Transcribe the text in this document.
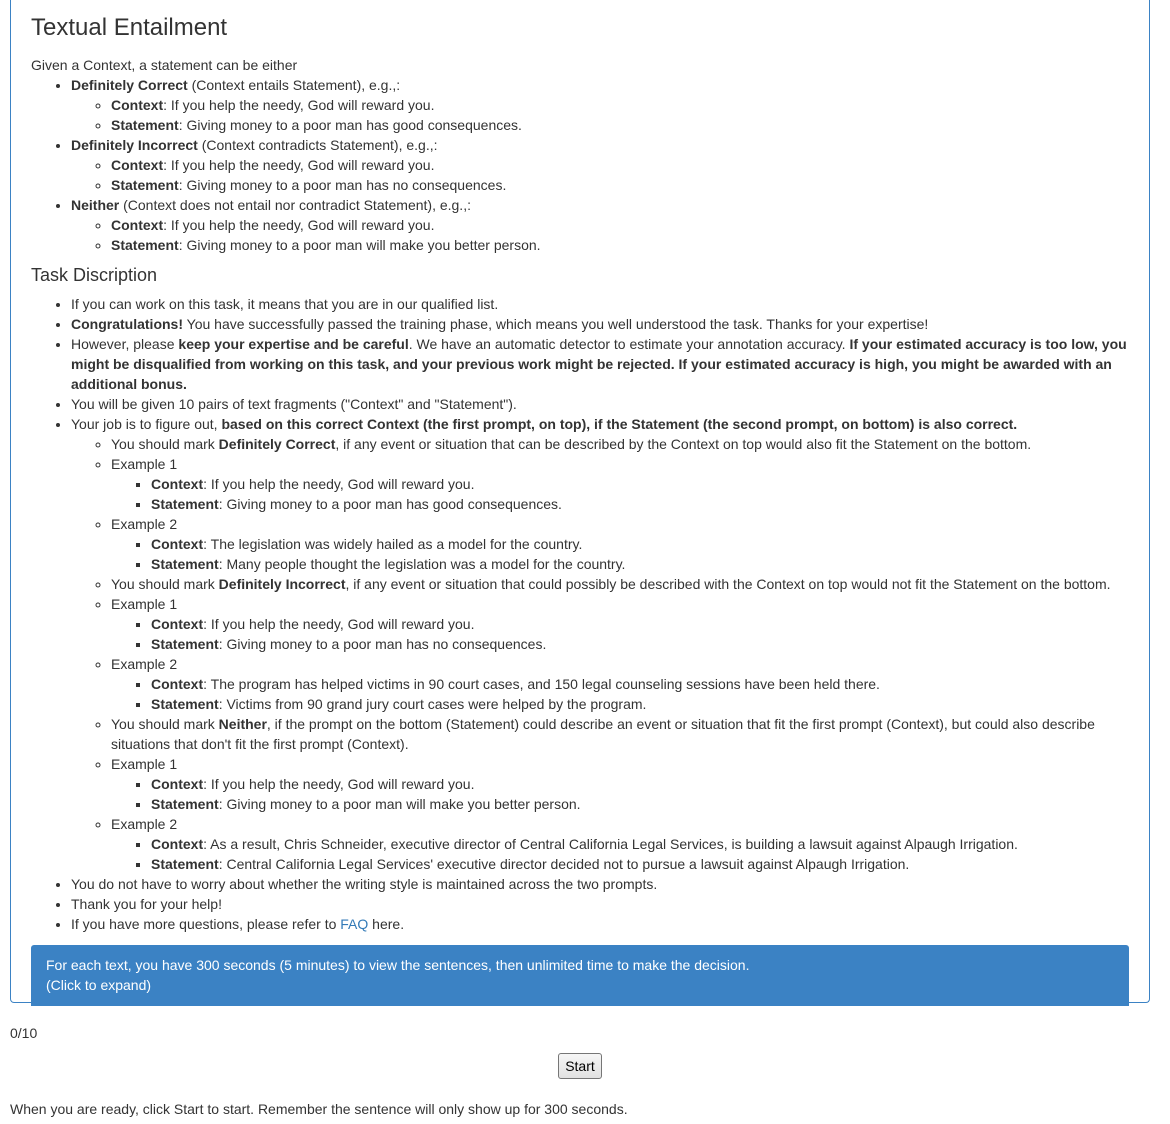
Textual Entailment

Given a Context, a statement can be either

• Definitely Correct (Context entails Statement), e.g.,:
◦ Context: If you help the needy, God will reward you.
◦ Statement: Giving money to a poor man has good consequences.
• Definitely Incorrect (Context contradicts Statement), e.g.,:
◦ Context: If you help the needy, God will reward you.
◦ Statement: Giving money to a poor man has no consequences.
• Neither (Context does not entail nor contradict Statement), e.g.,:
◦ Context: If you help the needy, God will reward you.
◦ Statement: Giving money to a poor man will make you better person.
Task Discription
• If you can work on this task, it means that you are in our qualified list.
• Congratulations! You have successfully passed the training phase, which means you well understood the task. Thanks for your expertise!
• However, please keep your expertise and be careful. We have an automatic detector to estimate your annotation accuracy. If your estimated accuracy is too low, you might be disqualified from working on this task, and your previous work might be rejected. If your estimated accuracy is high, you might be awarded with an additional bonus.
• You will be given 10 pairs of text fragments ("Context" and "Statement").
• Your job is to figure out, based on this correct Context (the first prompt, on top), if the Statement (the second prompt, on bottom) is also correct.
◦ You should mark Definitely Correct, if any event or situation that can be described by the Context on top would also fit the Statement on the bottom.
◦ Example 1
▪ Context: If you help the needy, God will reward you.
▪ Statement: Giving money to a poor man has good consequences.
◦ Example 2
▪ Context: The legislation was widely hailed as a model for the country.
▪ Statement: Many people thought the legislation was a model for the country.
◦ You should mark Definitely Incorrect, if any event or situation that could possibly be described with the Context on top would not fit the Statement on the bottom.
◦ Example 1
▪ Context: If you help the needy, God will reward you.
▪ Statement: Giving money to a poor man has no consequences.
◦ Example 2
▪ Context: The program has helped victims in 90 court cases, and 150 legal counseling sessions have been held there.
▪ Statement: Victims from 90 grand jury court cases were helped by the program.
◦ You should mark Neither, if the prompt on the bottom (Statement) could describe an event or situation that fit the first prompt (Context), but could also describe situations that don't fit the first prompt (Context).
◦ Example 1
▪ Context: If you help the needy, God will reward you.
▪ Statement: Giving money to a poor man will make you better person.
◦ Example 2
▪ Context: As a result, Chris Schneider, executive director of Central California Legal Services, is building a lawsuit against Alpaugh Irrigation.
▪ Statement: Central California Legal Services' executive director decided not to pursue a lawsuit against Alpaugh Irrigation.
• You do not have to worry about whether the writing style is maintained across the two prompts.
• Thank you for your help!
• If you have more questions, please refer to FAQ here.
For each text, you have 300 seconds (5 minutes) to view the sentences, then unlimited time to make the decision.
(Click to expand)
0/10
Start
When you are ready, click Start to start. Remember the sentence will only show up for 300 seconds.
